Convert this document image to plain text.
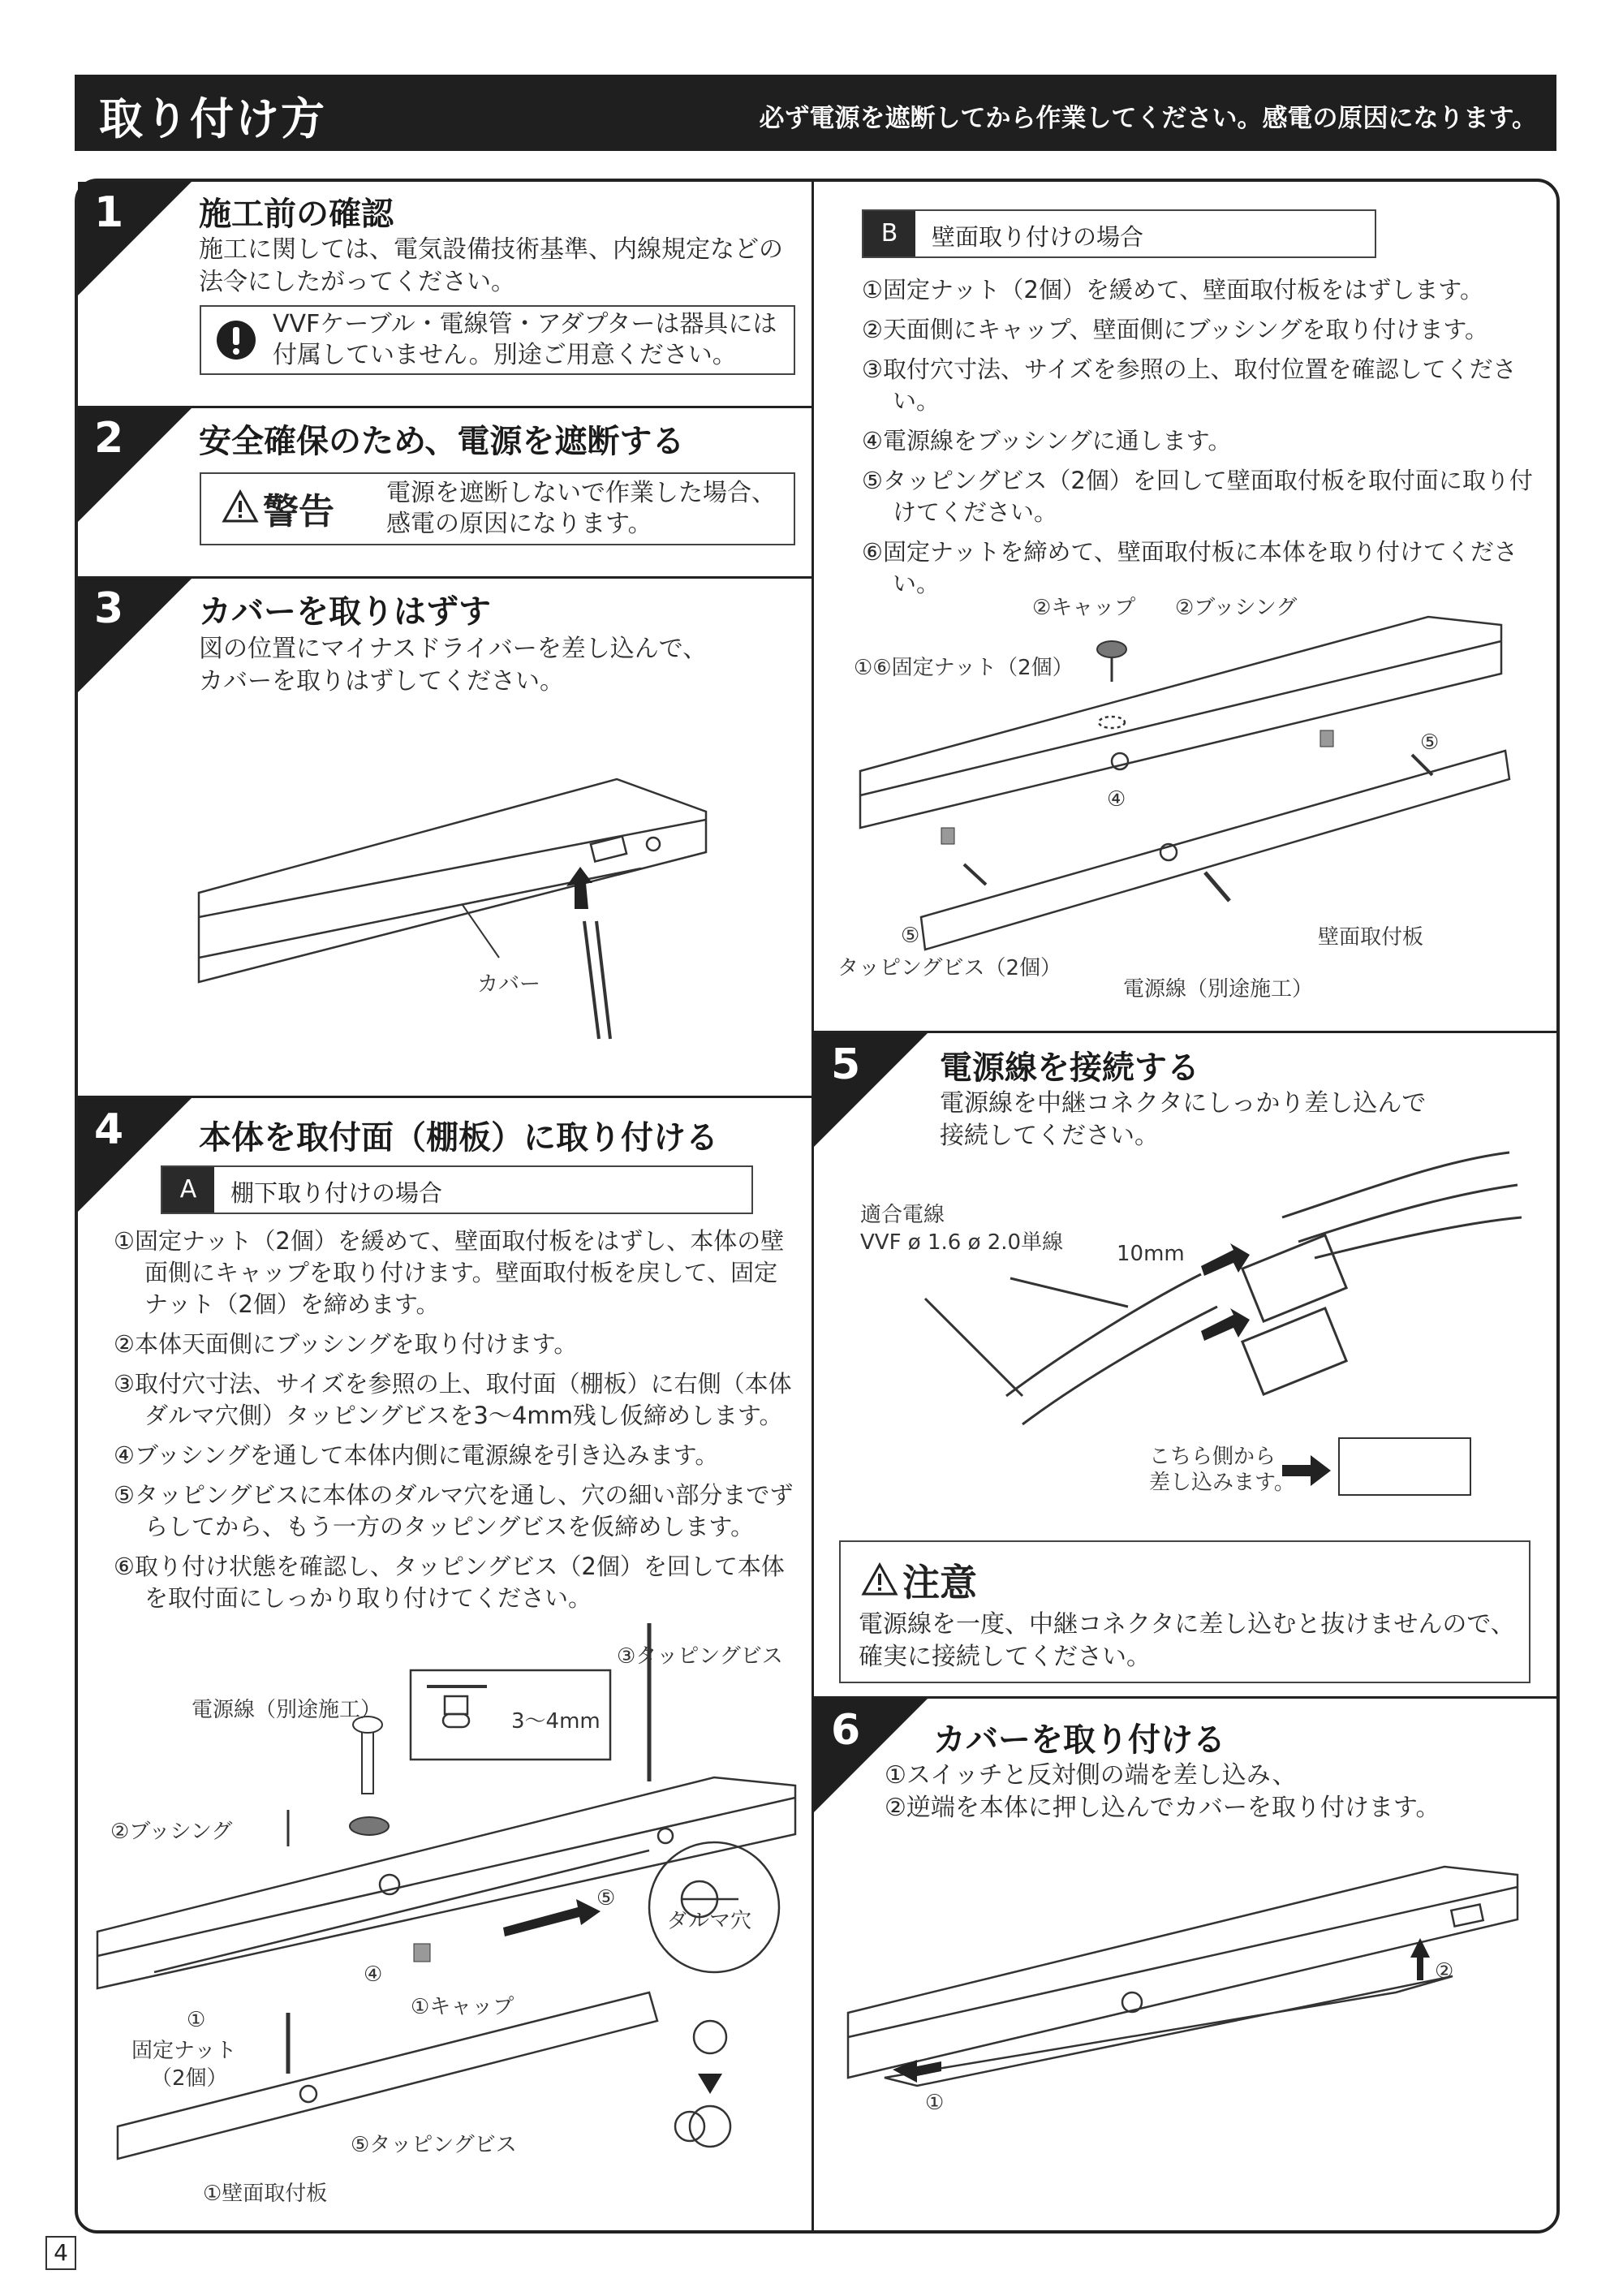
取り付け方	必ず電源を遮断してから作業してください。感電の原因になります。
1 施工前の確認
施工に関しては、電気設備技術基準、内線規定などの
法令にしたがってください。
VVFケーブル・電線管・アダプターは器具には
付属していません。別途ご用意ください。
2 安全確保のため、電源を遮断する
警告 電源を遮断しないで作業した場合、
感電の原因になります。
3 カバーを取りはずす
図の位置にマイナスドライバーを差し込んで、
カバーを取りはずしてください。
カバー
4 本体を取付面（棚板）に取り付ける
A	棚下取り付けの場合
①固定ナット（2個）を緩めて、壁面取付板をはずし、本体の壁面側にキャップを取り付けます。壁面取付板を戻して、固定ナット（2個）を締めます。
②本体天面側にブッシングを取り付けます。
③取付穴寸法、サイズを参照の上、取付面（棚板）に右側（本体ダルマ穴側）タッピングビスを3〜4mm残し仮締めします。
④ブッシングを通して本体内側に電源線を引き込みます。
⑤タッピングビスに本体のダルマ穴を通し、穴の細い部分までずらしてから、もう一方のタッピングビスを仮締めします。
⑥取り付け状態を確認し、タッピングビス（2個）を回して本体を取付面にしっかり取り付けてください。
③タッピングビス
電源線（別途施工）	3〜4mm
②ブッシング
⑤
ダルマ穴
④
①
固定ナット
（2個）
①キャップ
⑤タッピングビス
①壁面取付板
B	壁面取り付けの場合
①固定ナット（2個）を緩めて、壁面取付板をはずします。
②天面側にキャップ、壁面側にブッシングを取り付けます。
③取付穴寸法、サイズを参照の上、取付位置を確認してください。
④電源線をブッシングに通します。
⑤タッピングビス（2個）を回して壁面取付板を取付面に取り付けてください。
⑥固定ナットを締めて、壁面取付板に本体を取り付けてください。
②キャップ ②ブッシング
①⑥固定ナット（2個）
⑤
④
⑤
タッピングビス（2個）
壁面取付板
電源線（別途施工）
5 電源線を接続する
電源線を中継コネクタにしっかり差し込んで
接続してください。
適合電線
VVF ø 1.6 ø 2.0単線	10mm
こちら側から
差し込みます。
注意
電源線を一度、中継コネクタに差し込むと抜けませんので、
確実に接続してください。
6 カバーを取り付ける
①スイッチと反対側の端を差し込み、
②逆端を本体に押し込んでカバーを取り付けます。
①
②
4
